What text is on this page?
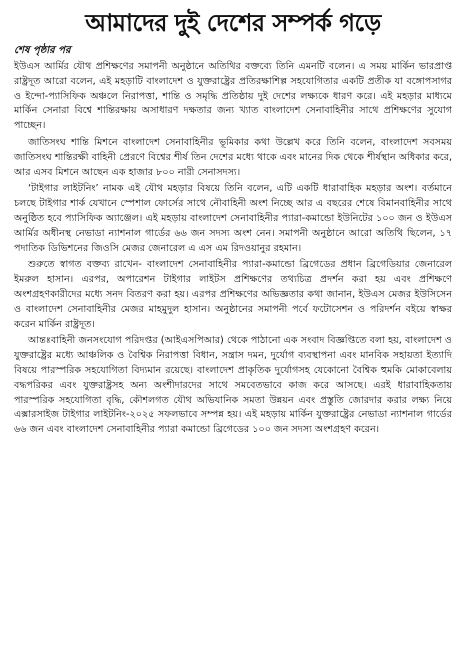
আমাদের দুই দেশের সম্পর্ক গড়ে
শেষ পৃষ্ঠার পর

ইউএস আর্মির যৌথ প্রশিক্ষণের সমাপনী অনুষ্ঠানে অতিথির বক্তব্যে তিনি এমনটি বলেন। এ সময় মার্কিন ভারপ্রাপ্ত রাষ্ট্রদূত আরো বলেন, এই মহড়াটি বাংলাদেশ ও যুক্তরাষ্ট্রের প্রতিরক্ষাশিল্প সহযোগিতার একটি প্রতীক যা বঙ্গোপসাগর ও ইন্দো-প্যাসিফিক অঞ্চলে নিরাপত্তা, শান্তি ও সমৃদ্ধি প্রতিষ্ঠায় দুই দেশের লক্ষ্যকে ধারণ করে। এই মহড়ার মাধ্যমে মার্কিন সেনারা বিশ্বে শান্তিরক্ষায় অসাধারণ দক্ষতার জন্য খ্যাত বাংলাদেশ সেনাবাহিনীর সাথে প্রশিক্ষণের সুযোগ পাচ্ছেন।

জাতিসংঘ শান্তি মিশনে বাংলাদেশ সেনাবাহিনীর ভূমিকার কথা উল্লেখ করে তিনি বলেন, বাংলাদেশ সবসময় জাতিসংঘ শান্তিরক্ষী বাহিনী প্রেরণে বিশ্বের শীর্ষ তিন দেশের মধ্যে থাকে এবং মানের দিক থেকে শীর্ষস্থান অধিকার করে, আর এসব মিশনে আছেন এক হাজার ৮০০ নারী সেনাসদস্য।

‘টাইগার লাইটনিং’ নামক এই যৌথ মহড়ার বিষয়ে তিনি বলেন, এটি একটি ধারাবাহিক মহড়ার অংশ। বর্তমানে চলছে টাইগার শার্ক যেখানে স্পেশাল ফোর্সের সাথে নৌবাহিনী অংশ নিচ্ছে আর এ বছরের শেষে বিমানবাহিনীর সাথে অনুষ্ঠিত হবে প্যাসিফিক অ্যাঞ্জেল। এই মহড়ায় বাংলাদেশ সেনাবাহিনীর প্যারা-কমান্ডো ইউনিটের ১০০ জন ও ইউএস আর্মির অধীনস্থ নেভাডা ন্যাশনাল গার্ডের ৬৬ জন সদস্য অংশ নেন। সমাপনী অনুষ্ঠানে আরো অতিথি ছিলেন, ১৭ পদাতিক ডিভিশনের জিওসি মেজর জেনারেল এ এস এম রিদওয়ানুর রহমান।

শুরুতে স্বাগত বক্তব্য রাখেন- বাংলাদেশ সেনাবাহিনীর প্যারা-কমান্ডো ব্রিগেডের প্রধান ব্রিগেডিয়ার জেনারেল ইমরুল হাসান। এরপর, অপারেশন টাইগার লাইটস প্রশিক্ষণের তথ্যচিত্র প্রদর্শন করা হয় এবং প্রশিক্ষণে অংশগ্রহণকারীদের মধ্যে সনদ বিতরণ করা হয়। এরপর প্রশিক্ষণের অভিজ্ঞতার কথা জানান, ইউএস মেজর ইউসিসেন ও বাংলাদেশ সেনাবাহিনীর মেজর মাহমুদুল হাসান। অনুষ্ঠানের সমাপনী পর্বে ফটোসেশন ও পরিদর্শন বইয়ে স্বাক্ষর করেন মার্কিন রাষ্ট্রদূত।

আন্তঃবাহিনী জনসংযোগ পরিদপ্তর (আইএসপিআর) থেকে পাঠানো এক সংবাদ বিজ্ঞপ্তিতে বলা হয়, বাংলাদেশ ও যুক্তরাষ্ট্রের মধ্যে আঞ্চলিক ও বৈশ্বিক নিরাপত্তা বিধান, সন্ত্রাস দমন, দুর্যোগ ব্যবস্থাপনা এবং মানবিক সহায়তা ইত্যাদি বিষয়ে পারস্পরিক সহযোগিতা বিদ্যমান রয়েছে। বাংলাদেশ প্রাকৃতিক দুর্যোগসহ যেকোনো বৈশ্বিক হুমকি মোকাবেলায় বদ্ধপরিকর এবং যুক্তরাষ্ট্রসহ অন্য অংশীদারদের সাথে সমবেতভাবে কাজ করে আসছে। এরই ধারাবাহিকতায় পারস্পরিক সহযোগিতা বৃদ্ধি, কৌশলগত যৌথ অভিযানিক সমতা উন্নয়ন এবং প্রস্তুতি জোরদার করার লক্ষ্য নিয়ে এক্সারসাইজ টাইগার লাইটনিং-২০২৫ সফলভাবে সম্পন্ন হয়। এই মহড়ায় মার্কিন যুক্তরাষ্ট্রের নেভাডা ন্যাশনাল গার্ডের ৬৬ জন এবং বাংলাদেশ সেনাবাহিনীর প্যারা কমান্ডো ব্রিগেডের ১০০ জন সদস্য অংশগ্রহণ করেন।
